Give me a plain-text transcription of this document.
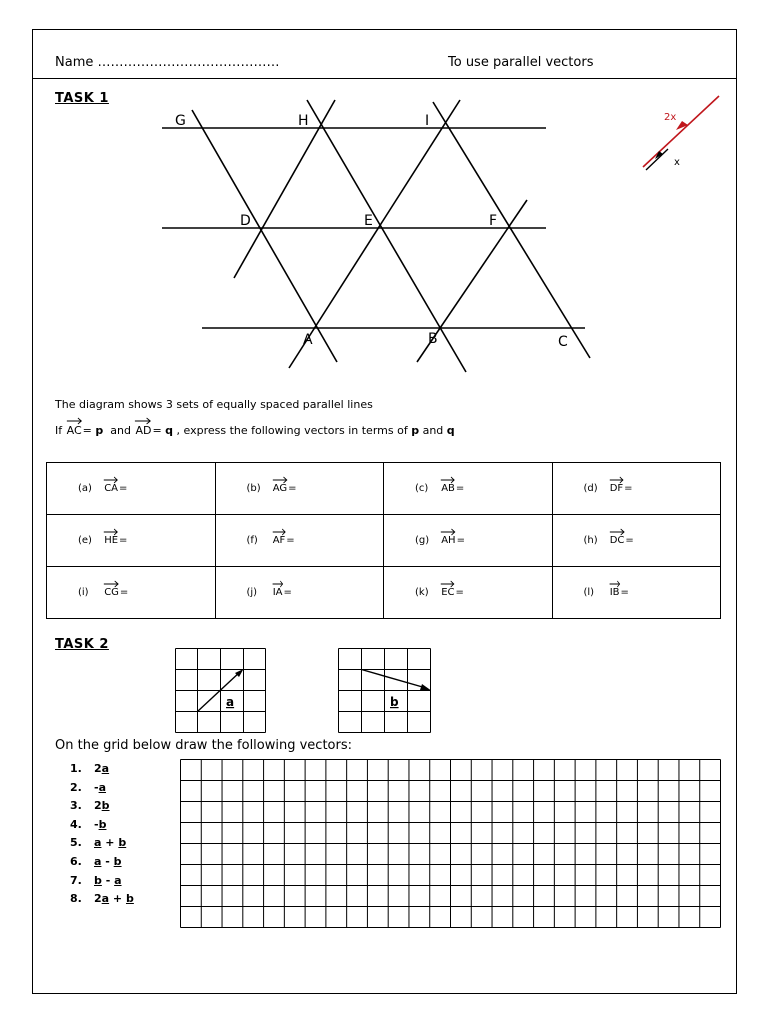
Name ……………………………………	To use parallel vectors
TASK 1
G	H	I
D	E	F
A	B	C
2x
x
The diagram shows 3 sets of equally spaced parallel lines
If AC= p and AD= q , express the following vectors in terms of p and q
(a) CA=	(b) AG=	(c) AB=	(d) DF=
(e) HE=	(f) AF=	(g) AH=	(h) DC=
(i) CG=	(j) IA=	(k) EC=	(l) IB=
TASK 2
a	b
On the grid below draw the following vectors:
1. 2a
2. -a
3. 2b
4. -b
5. a + b
6. a - b
7. b - a
8. 2a + b
